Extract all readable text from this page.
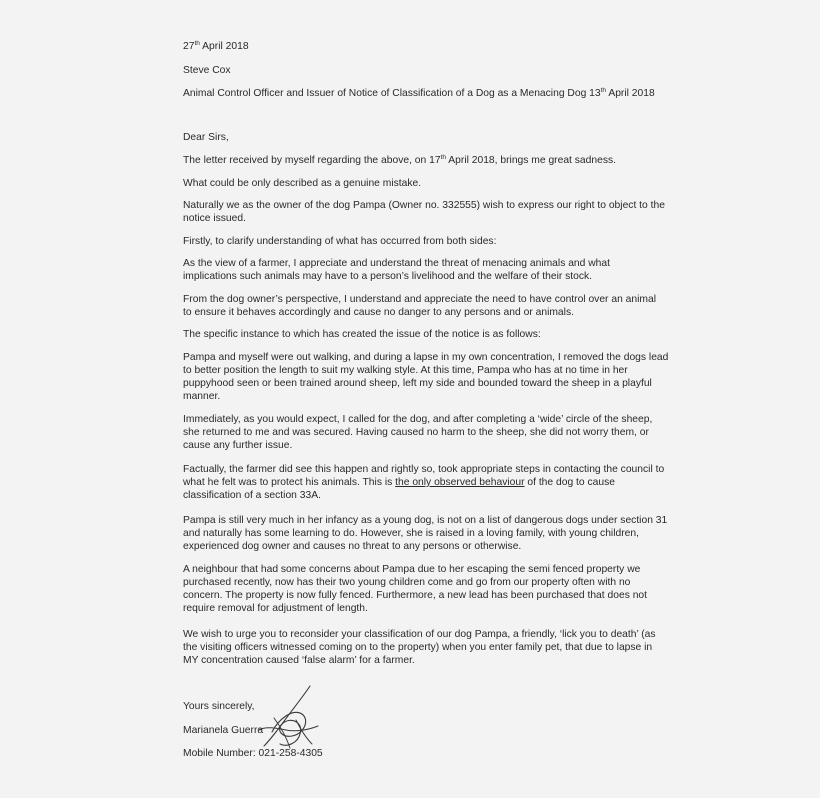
27th April 2018

Steve Cox

Animal Control Officer and Issuer of Notice of Classification of a Dog as a Menacing Dog 13th April 2018

Dear Sirs,

The letter received by myself regarding the above, on 17th April 2018, brings me great sadness.

What could be only described as a genuine mistake.

Naturally we as the owner of the dog Pampa (Owner no. 332555) wish to express our right to object to the

notice issued.

Firstly, to clarify understanding of what has occurred from both sides:

As the view of a farmer, I appreciate and understand the threat of menacing animals and what

implications such animals may have to a person’s livelihood and the welfare of their stock.

From the dog owner’s perspective, I understand and appreciate the need to have control over an animal

to ensure it behaves accordingly and cause no danger to any persons and or animals.

The specific instance to which has created the issue of the notice is as follows:

Pampa and myself were out walking, and during a lapse in my own concentration, I removed the dogs lead

to better position the length to suit my walking style. At this time, Pampa who has at no time in her

puppyhood seen or been trained around sheep, left my side and bounded toward the sheep in a playful

manner.

Immediately, as you would expect, I called for the dog, and after completing a ‘wide’ circle of the sheep,

she returned to me and was secured. Having caused no harm to the sheep, she did not worry them, or

cause any further issue.

Factually, the farmer did see this happen and rightly so, took appropriate steps in contacting the council to

what he felt was to protect his animals. This is the only observed behaviour of the dog to cause

classification of a section 33A.

Pampa is still very much in her infancy as a young dog, is not on a list of dangerous dogs under section 31

and naturally has some learning to do. However, she is raised in a loving family, with young children,

experienced dog owner and causes no threat to any persons or otherwise.

A neighbour that had some concerns about Pampa due to her escaping the semi fenced property we

purchased recently, now has their two young children come and go from our property often with no

concern. The property is now fully fenced. Furthermore, a new lead has been purchased that does not

require removal for adjustment of length.

We wish to urge you to reconsider your classification of our dog Pampa, a friendly, ‘lick you to death’ (as

the visiting officers witnessed coming on to the property) when you enter family pet, that due to lapse in

MY concentration caused ‘false alarm’ for a farmer.

Yours sincerely,

Marianela Guerra

Mobile Number: 021-258-4305
